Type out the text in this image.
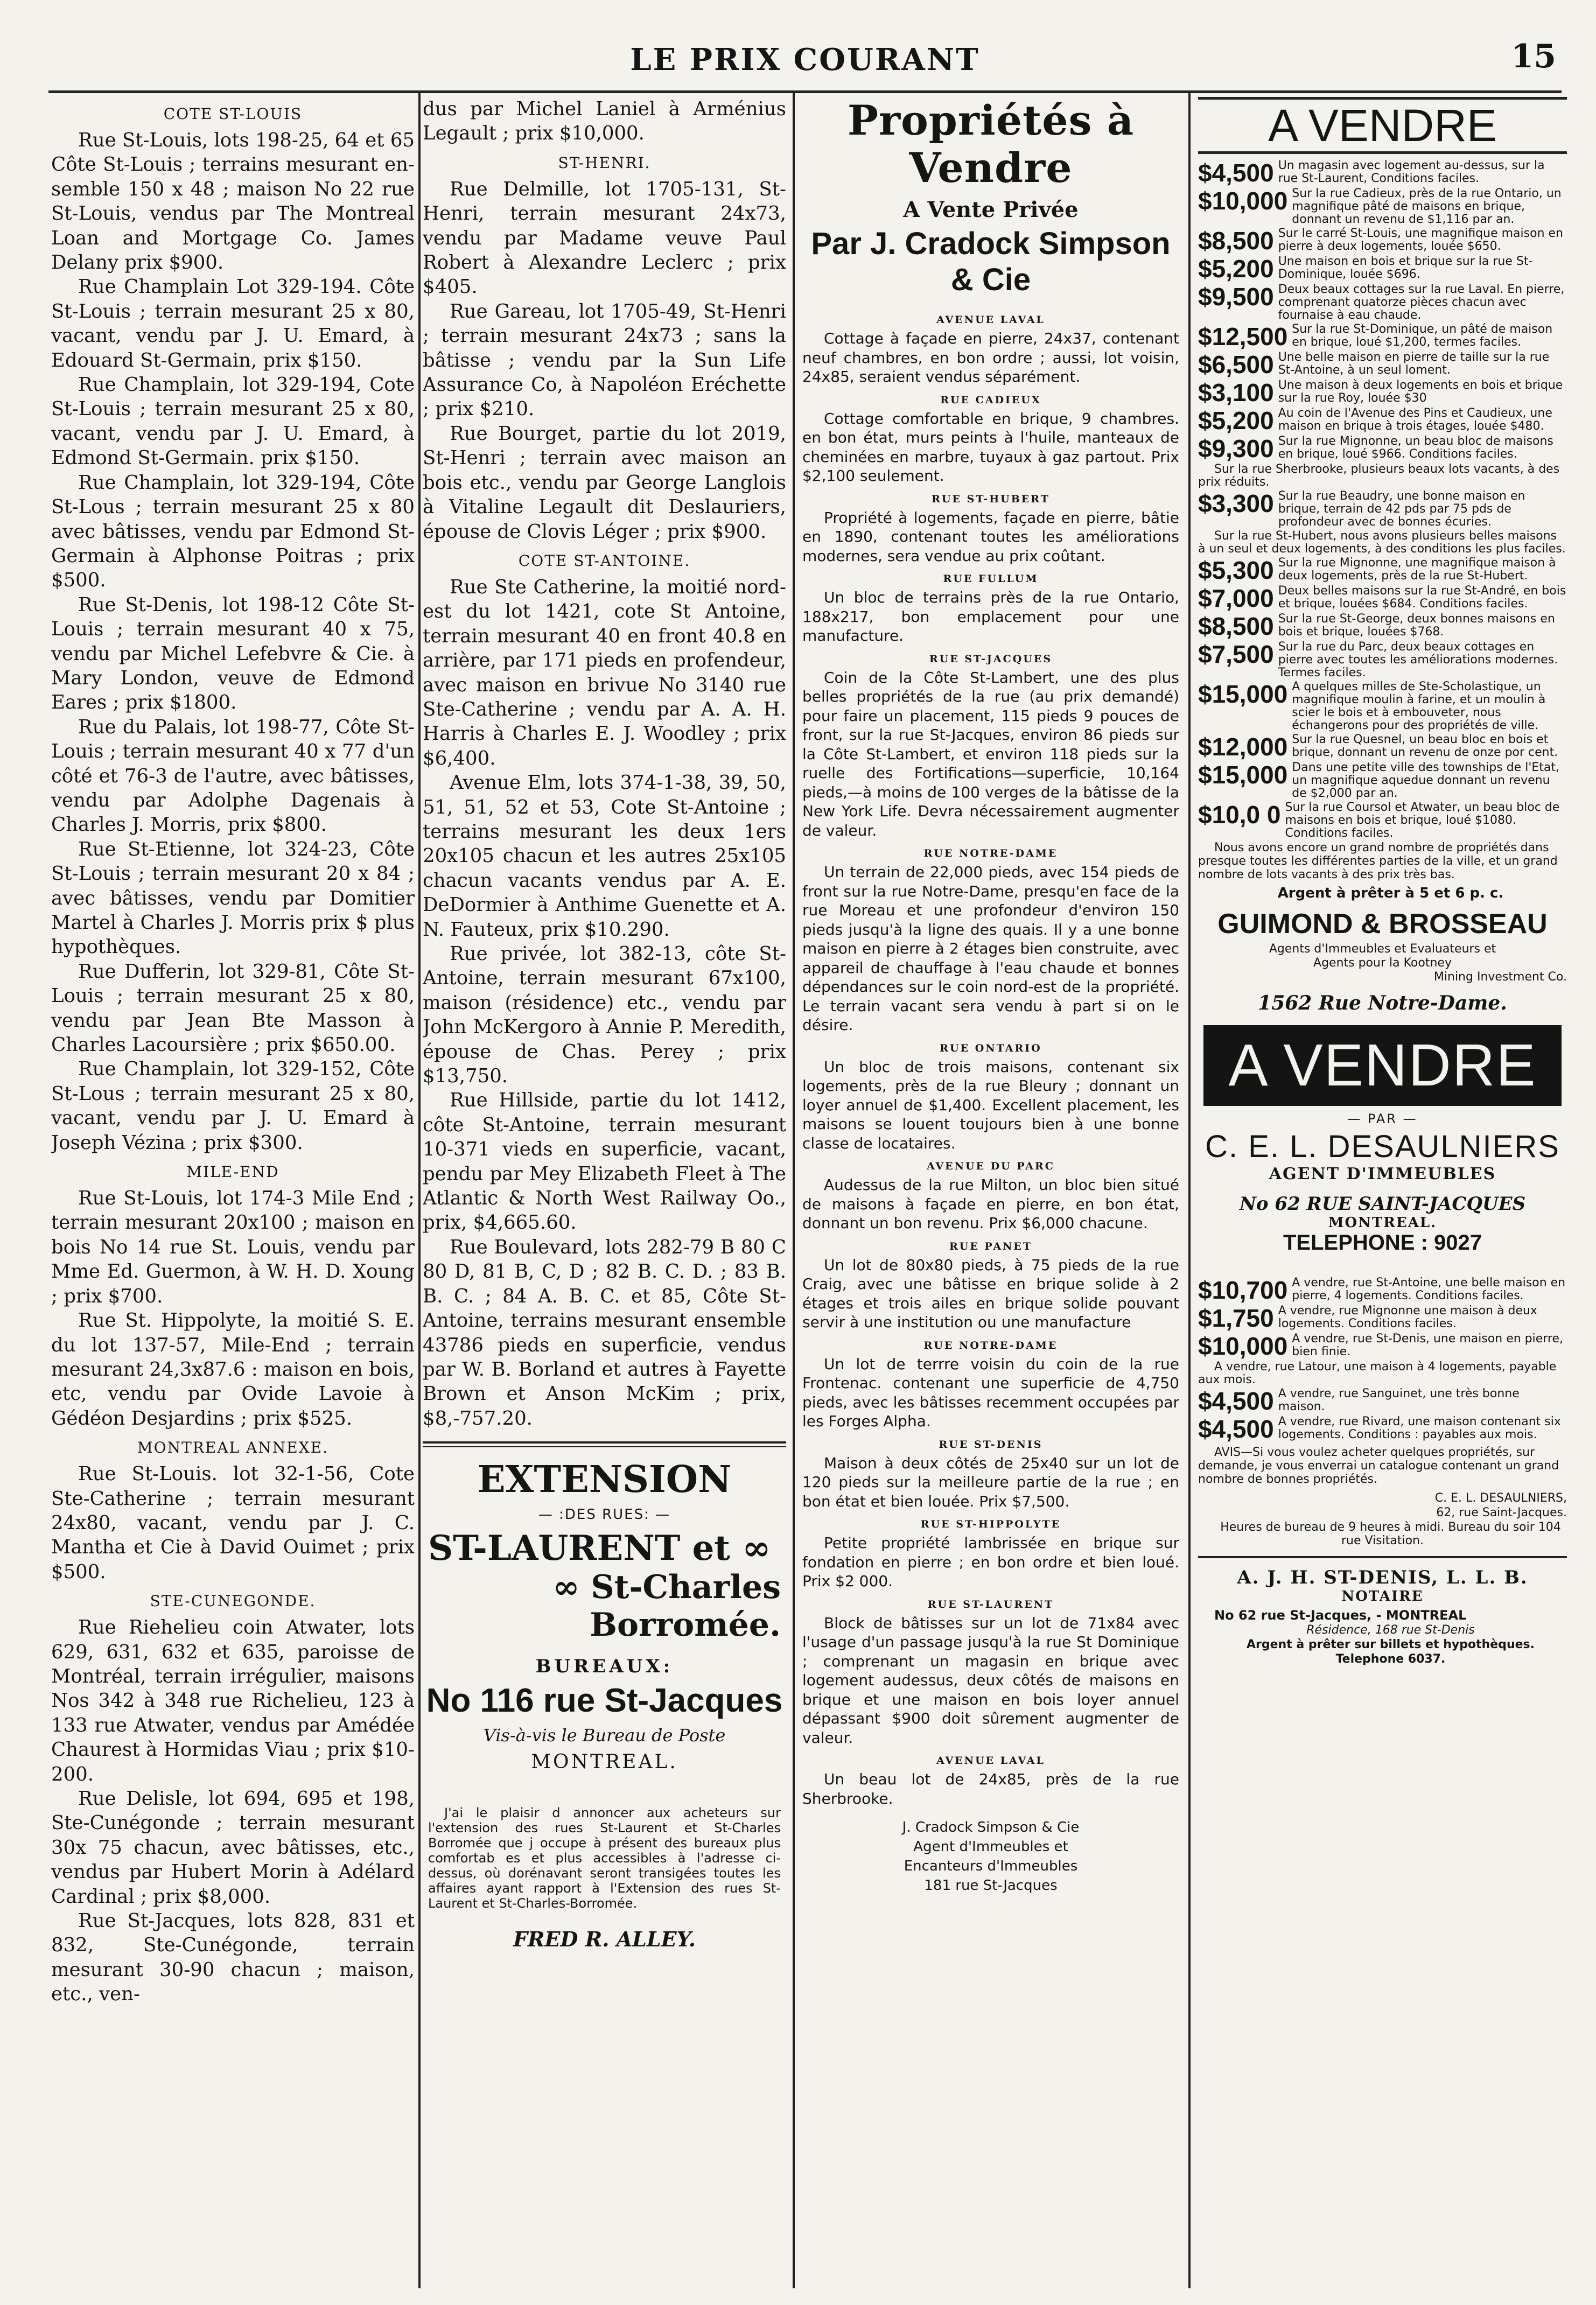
LE PRIX COURANT	15
COTE ST-LOUIS

Rue St-Louis, lots 198-25, 64 et 65 Côte St-Louis ; terrains mesurant en-semble 150 x 48 ; maison No 22 rue St-Louis, vendus par The Montreal Loan and Mortgage Co. James Delany prix $900.

Rue Champlain Lot 329-194. Côte St-Louis ; terrain mesurant 25 x 80, vacant, vendu par J. U. Emard, à Edouard St-Germain, prix $150.

Rue Champlain, lot 329-194, Cote St-Louis ; terrain mesurant 25 x 80, vacant, vendu par J. U. Emard, à Edmond St-Germain. prix $150.

Rue Champlain, lot 329-194, Côte St-Lous ; terrain mesurant 25 x 80 avec bâtisses, vendu par Edmond St-Germain à Alphonse Poitras ; prix $500.

Rue St-Denis, lot 198-12 Côte St-Louis ; terrain mesurant 40 x 75, vendu par Michel Lefebvre & Cie. à Mary London, veuve de Edmond Eares ; prix $1800.

Rue du Palais, lot 198-77, Côte St-Louis ; terrain mesurant 40 x 77 d'un côté et 76-3 de l'autre, avec bâtisses, vendu par Adolphe Dagenais à Charles J. Morris, prix $800.

Rue St-Etienne, lot 324-23, Côte St-Louis ; terrain mesurant 20 x 84 ; avec bâtisses, vendu par Domitier Martel à Charles J. Morris prix $ plus hypothèques.

Rue Dufferin, lot 329-81, Côte St-Louis ; terrain mesurant 25 x 80, vendu par Jean Bte Masson à Charles Lacoursière ; prix $650.00.

Rue Champlain, lot 329-152, Côte St-Lous ; terrain mesurant 25 x 80, vacant, vendu par J. U. Emard à Joseph Vézina ; prix $300.

MILE-END

Rue St-Louis, lot 174-3 Mile End ; terrain mesurant 20x100 ; maison en bois No 14 rue St. Louis, vendu par Mme Ed. Guermon, à W. H. D. Xoung ; prix $700.

Rue St. Hippolyte, la moitié S. E. du lot 137-57, Mile-End ; terrain mesurant 24,3x87.6 : maison en bois, etc, vendu par Ovide Lavoie à Gédéon Desjardins ; prix $525.

MONTREAL ANNEXE.

Rue St-Louis. lot 32-1-56, Cote Ste-Catherine ; terrain mesurant 24x80, vacant, vendu par J. C. Mantha et Cie à David Ouimet ; prix $500.

STE-CUNEGONDE.

Rue Riehelieu coin Atwater, lots 629, 631, 632 et 635, paroisse de Montréal, terrain irrégulier, maisons Nos 342 à 348 rue Richelieu, 123 à 133 rue Atwater, vendus par Amédée Chaurest à Hormidas Viau ; prix $10-200.

Rue Delisle, lot 694, 695 et 198, Ste-Cunégonde ; terrain mesurant 30x 75 chacun, avec bâtisses, etc., vendus par Hubert Morin à Adélard Cardinal ; prix $8,000.

Rue St-Jacques, lots 828, 831 et 832, Ste-Cunégonde, terrain mesurant 30-90 chacun ; maison, etc., ven-

dus par Michel Laniel à Arménius Legault ; prix $10,000.

ST-HENRI.

Rue Delmille, lot 1705-131, St-Henri, terrain mesurant 24x73, vendu par Madame veuve Paul Robert à Alexandre Leclerc ; prix $405.

Rue Gareau, lot 1705-49, St-Henri ; terrain mesurant 24x73 ; sans la bâtisse ; vendu par la Sun Life Assurance Co, à Napoléon Eréchette ; prix $210.

Rue Bourget, partie du lot 2019, St-Henri ; terrain avec maison an bois etc., vendu par George Langlois à Vitaline Legault dit Deslauriers, épouse de Clovis Léger ; prix $900.

COTE ST-ANTOINE.

Rue Ste Catherine, la moitié nord-est du lot 1421, cote St Antoine, terrain mesurant 40 en front 40.8 en arrière, par 171 pieds en profendeur, avec maison en brivue No 3140 rue Ste-Catherine ; vendu par A. A. H. Harris à Charles E. J. Woodley ; prix $6,400.

Avenue Elm, lots 374-1-38, 39, 50, 51, 51, 52 et 53, Cote St-Antoine ; terrains mesurant les deux 1ers 20x105 chacun et les autres 25x105 chacun vacants vendus par A. E. DeDormier à Anthime Guenette et A. N. Fauteux, prix $10.290.

Rue privée, lot 382-13, côte St-Antoine, terrain mesurant 67x100, maison (résidence) etc., vendu par John McKergoro à Annie P. Meredith, épouse de Chas. Perey ; prix $13,750.

Rue Hillside, partie du lot 1412, côte St-Antoine, terrain mesurant 10-371 vieds en superficie, vacant, pendu par Mey Elizabeth Fleet à The Atlantic & North West Railway Oo., prix, $4,665.60.

Rue Boulevard, lots 282-79 B 80 C 80 D, 81 B, C, D ; 82 B. C. D. ; 83 B. B. C. ; 84 A. B. C. et 85, Côte St-Antoine, terrains mesurant ensemble 43786 pieds en superficie, vendus par W. B. Borland et autres à Fayette Brown et Anson McKim ; prix, $8,-757.20.

EXTENSION
— :DES RUES: —
ST-LAURENT et ∞
∞ St-Charles Borromée.
BUREAUX:
No 116 rue St-Jacques
Vis-à-vis le Bureau de Poste
MONTREAL.
J'ai le plaisir d annoncer aux acheteurs sur l'extension des rues St-Laurent et St-Charles Borromée que j occupe à présent des bureaux plus comfortab es et plus accessibles à l'adresse ci-dessus, où dorénavant seront transigées toutes les affaires ayant rapport à l'Extension des rues St-Laurent et St-Charles-Borromée.
FRED R. ALLEY.
Propriétés à Vendre
A Vente Privée
Par J. Cradock Simpson & Cie
AVENUE LAVAL

Cottage à façade en pierre, 24x37, contenant neuf chambres, en bon ordre ; aussi, lot voisin, 24x85, seraient vendus séparément.

RUE CADIEUX

Cottage comfortable en brique, 9 chambres. en bon état, murs peints à l'huile, manteaux de cheminées en marbre, tuyaux à gaz partout. Prix $2,100 seulement.

RUE ST-HUBERT

Propriété à logements, façade en pierre, bâtie en 1890, contenant toutes les améliorations modernes, sera vendue au prix coûtant.

RUE FULLUM

Un bloc de terrains près de la rue Ontario, 188x217, bon emplacement pour une manufacture.

RUE ST-JACQUES

Coin de la Côte St-Lambert, une des plus belles propriétés de la rue (au prix demandé) pour faire un placement, 115 pieds 9 pouces de front, sur la rue St-Jacques, environ 86 pieds sur la Côte St-Lambert, et environ 118 pieds sur la ruelle des Fortifications—superficie, 10,164 pieds,—à moins de 100 verges de la bâtisse de la New York Life. Devra nécessairement augmenter de valeur.

RUE NOTRE-DAME

Un terrain de 22,000 pieds, avec 154 pieds de front sur la rue Notre-Dame, presqu'en face de la rue Moreau et une profondeur d'environ 150 pieds jusqu'à la ligne des quais. Il y a une bonne maison en pierre à 2 étages bien construite, avec appareil de chauffage à l'eau chaude et bonnes dépendances sur le coin nord-est de la propriété. Le terrain vacant sera vendu à part si on le désire.

RUE ONTARIO

Un bloc de trois maisons, contenant six logements, près de la rue Bleury ; donnant un loyer annuel de $1,400. Excellent placement, les maisons se louent toujours bien à une bonne classe de locataires.

AVENUE DU PARC

Audessus de la rue Milton, un bloc bien situé de maisons à façade en pierre, en bon état, donnant un bon revenu. Prix $6,000 chacune.

RUE PANET

Un lot de 80x80 pieds, à 75 pieds de la rue Craig, avec une bâtisse en brique solide à 2 étages et trois ailes en brique solide pouvant servir à une institution ou une manufacture

RUE NOTRE-DAME

Un lot de terrre voisin du coin de la rue Frontenac. contenant une superficie de 4,750 pieds, avec les bâtisses recemment occupées par les Forges Alpha.

RUE ST-DENIS

Maison à deux côtés de 25x40 sur un lot de 120 pieds sur la meilleure partie de la rue ; en bon état et bien louée. Prix $7,500.

RUE ST-HIPPOLYTE

Petite propriété lambrissée en brique sur fondation en pierre ; en bon ordre et bien loué. Prix $2 000.

RUE ST-LAURENT

Block de bâtisses sur un lot de 71x84 avec l'usage d'un passage jusqu'à la rue St Dominique ; comprenant un magasin en brique avec logement audessus, deux côtés de maisons en brique et une maison en bois loyer annuel dépassant $900 doit sûrement augmenter de valeur.

AVENUE LAVAL

Un beau lot de 24x85, près de la rue Sherbrooke.

J. Cradock Simpson & Cie
Agent d'Immeubles et
Encanteurs d'Immeubles
181 rue St-Jacques
A VENDRE
$4,500 Un magasin avec logement au-dessus, sur la rue St-Laurent, Conditions faciles.
$10,000 Sur la rue Cadieux, près de la rue Ontario, un magnifique pâté de maisons en brique, donnant un revenu de $1,116 par an.
$8,500 Sur le carré St-Louis, une magnifique maison en pierre à deux logements, louée $650.
$5,200 Une maison en bois et brique sur la rue St-Dominique, louée $696.
$9,500 Deux beaux cottages sur la rue Laval. En pierre, comprenant quatorze pièces chacun avec fournaise à eau chaude.
$12,500 Sur la rue St-Dominique, un pâté de maison en brique, loué $1,200, termes faciles.
$6,500 Une belle maison en pierre de taille sur la rue St-Antoine, à un seul loment.
$3,100 Une maison à deux logements en bois et brique sur la rue Roy, louée $30
$5,200 Au coin de l'Avenue des Pins et Caudieux, une maison en brique à trois étages, louée $480.
$9,300 Sur la rue Mignonne, un beau bloc de maisons en brique, loué $966. Conditions faciles.
Sur la rue Sherbrooke, plusieurs beaux lots vacants, à des prix réduits.
$3,300 Sur la rue Beaudry, une bonne maison en brique, terrain de 42 pds par 75 pds de profondeur avec de bonnes écuries.
Sur la rue St-Hubert, nous avons plusieurs belles maisons à un seul et deux logements, à des conditions les plus faciles.
$5,300 Sur la rue Mignonne, une magnifique maison à deux logements, près de la rue St-Hubert.
$7,000 Deux belles maisons sur la rue St-André, en bois et brique, louées $684. Conditions faciles.
$8,500 Sur la rue St-George, deux bonnes maisons en bois et brique, louées $768.
$7,500 Sur la rue du Parc, deux beaux cottages en pierre avec toutes les améliorations modernes. Termes faciles.
$15,000 A quelques milles de Ste-Scholastique, un magnifique moulin à farine, et un moulin à scier le bois et à embouveter, nous échangerons pour des propriétés de ville.
$12,000 Sur la rue Quesnel, un beau bloc en bois et brique, donnant un revenu de onze por cent.
$15,000 Dans une petite ville des townships de l'Etat, un magnifique aquedue donnant un revenu de $2,000 par an.
$10,0 0 Sur la rue Coursol et Atwater, un beau bloc de maisons en bois et brique, loué $1080. Conditions faciles.
Nous avons encore un grand nombre de propriétés dans presque toutes les différentes parties de la ville, et un grand nombre de lots vacants à des prix très bas.
Argent à prêter à 5 et 6 p. c.
GUIMOND & BROSSEAU
Agents d'Immeubles et Evaluateurs et
Agents pour la Kootney
Mining Investment Co.
1562 Rue Notre-Dame.
A VENDRE
— PAR —
C. E. L. DESAULNIERS
AGENT D'IMMEUBLES
No 62 RUE SAINT-JACQUES
MONTREAL.
TELEPHONE : 9027
$10,700 A vendre, rue St-Antoine, une belle maison en pierre, 4 logements. Conditions faciles.
$1,750 A vendre, rue Mignonne une maison à deux logements. Conditions faciles.
$10,000 A vendre, rue St-Denis, une maison en pierre, bien finie.
A vendre, rue Latour, une maison à 4 logements, payable aux mois.
$4,500 A vendre, rue Sanguinet, une très bonne maison.
$4,500 A vendre, rue Rivard, une maison contenant six logements. Conditions : payables aux mois.
AVIS—Si vous voulez acheter quelques propriétés, sur demande, je vous enverrai un catalogue contenant un grand nombre de bonnes propriétés.
C. E. L. DESAULNIERS,
62, rue Saint-Jacques.
Heures de bureau de 9 heures à midi. Bureau du soir 104 rue Visitation.
A. J. H. ST-DENIS, L. L. B.
NOTAIRE
No 62 rue St-Jacques, - MONTREAL
Résidence, 168 rue St-Denis
Argent à prêter sur billets et hypothèques.
Telephone 6037.
